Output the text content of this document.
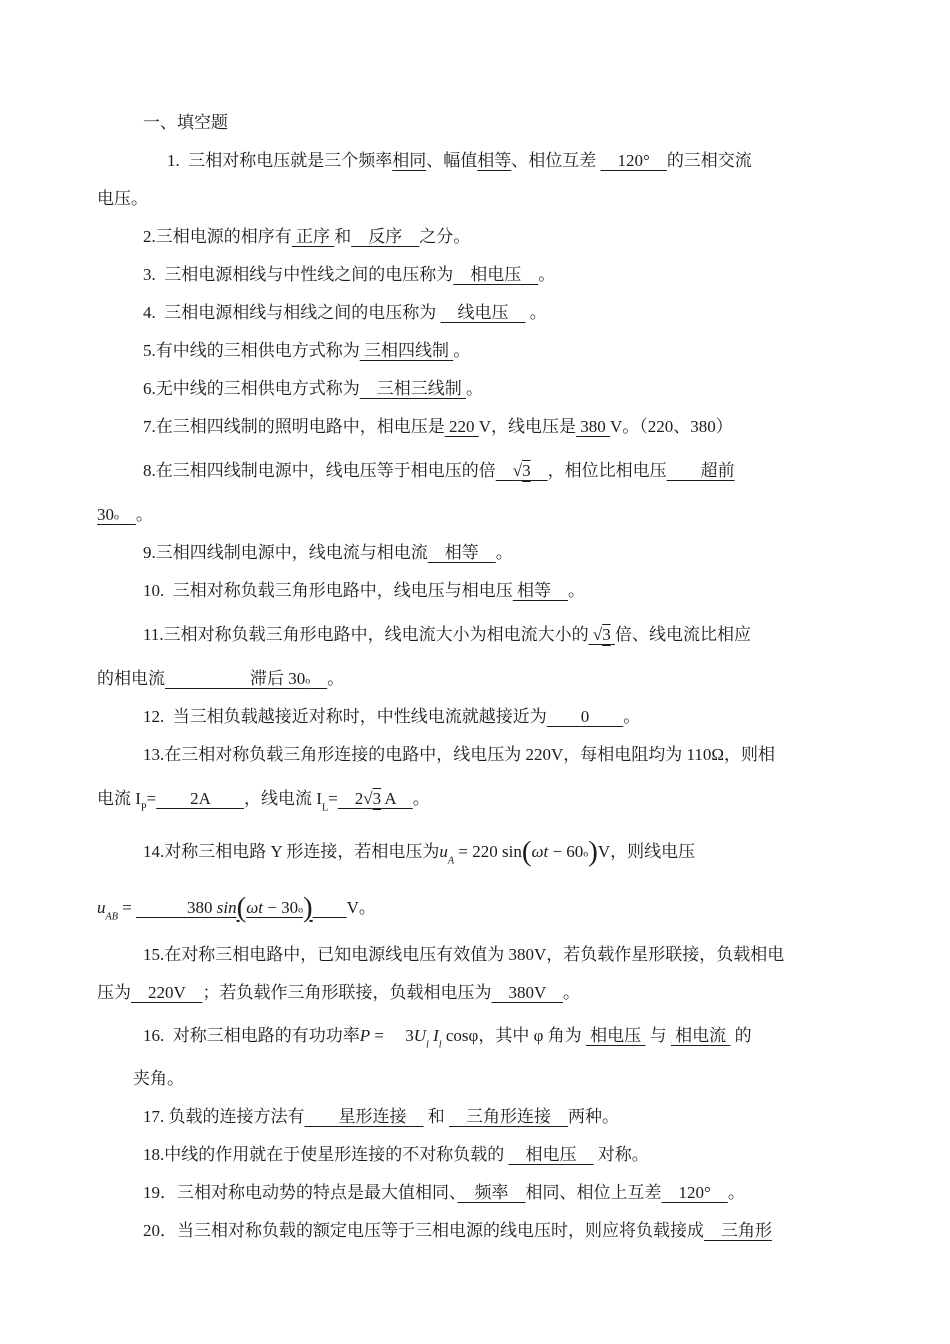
一、填空题
1.  三相对称电压就是三个频率相同、幅值相等、相位互差 　120°　的三相交流
电压。
2.三相电源的相序有 正序 和　反序　之分。
3.  三相电源相线与中性线之间的电压称为　相电压　。
4.  三相电源相线与相线之间的电压称为 　线电压　 。
5.有中线的三相供电方式称为 三相四线制 。
6.无中线的三相供电方式称为　三相三线制 。
7.在三相四线制的照明电路中，相电压是 220 V，线电压是 380 V。（220、380）
8.在三相四线制电源中，线电压等于相电压的倍　 √3　 ，相位比相电压　　超前
30o　 。
9.三相四线制电源中，线电流与相电流　相等　。
10.  三相对称负载三角形电路中，线电压与相电压 相等　。
11.三相对称负载三角形电路中，线电流大小为相电流大小的 √3 倍、线电流比相应
的相电流　　　　　滞后 30o　 。
12.  当三相负载越接近对称时，中性线电流就越接近为　　0　　。
13.在三相对称负载三角形连接的电路中，线电压为 220V，每相电阻均为 110Ω，则相
电流 $I_P=$　　2A　　，线电流 $I_L=$　2√3 A　。
14.对称三相电路 Y 形连接，若相电压为$u_A = 220$ sin(ωt − 60o)V，则线电压
$u_{AB}$ = 　　　	380 sin(ωt − 30o)　　 V。
15.在对称三相电路中，已知电源线电压有效值为 380V，若负载作星形联接，负载相电
压为　220V　；若负载作三角形联接，负载相电压为　380V　。
16.  对称三相电路的有功功率P = 　$3U_l$ $I_l$ cosφ，其中 φ 角为  相电压  与  相电流  的
夹角。
17. 负载的连接方法有　　星形连接　 和 　三角形连接　两种。
18.中线的作用就在于使星形连接的不对称负载的 　相电压　 对称。
19．三相对称电动势的特点是最大值相同、　频率　相同、相位上互差　120°　。
20．当三相对称负载的额定电压等于三相电源的线电压时，则应将负载接成　三角形
